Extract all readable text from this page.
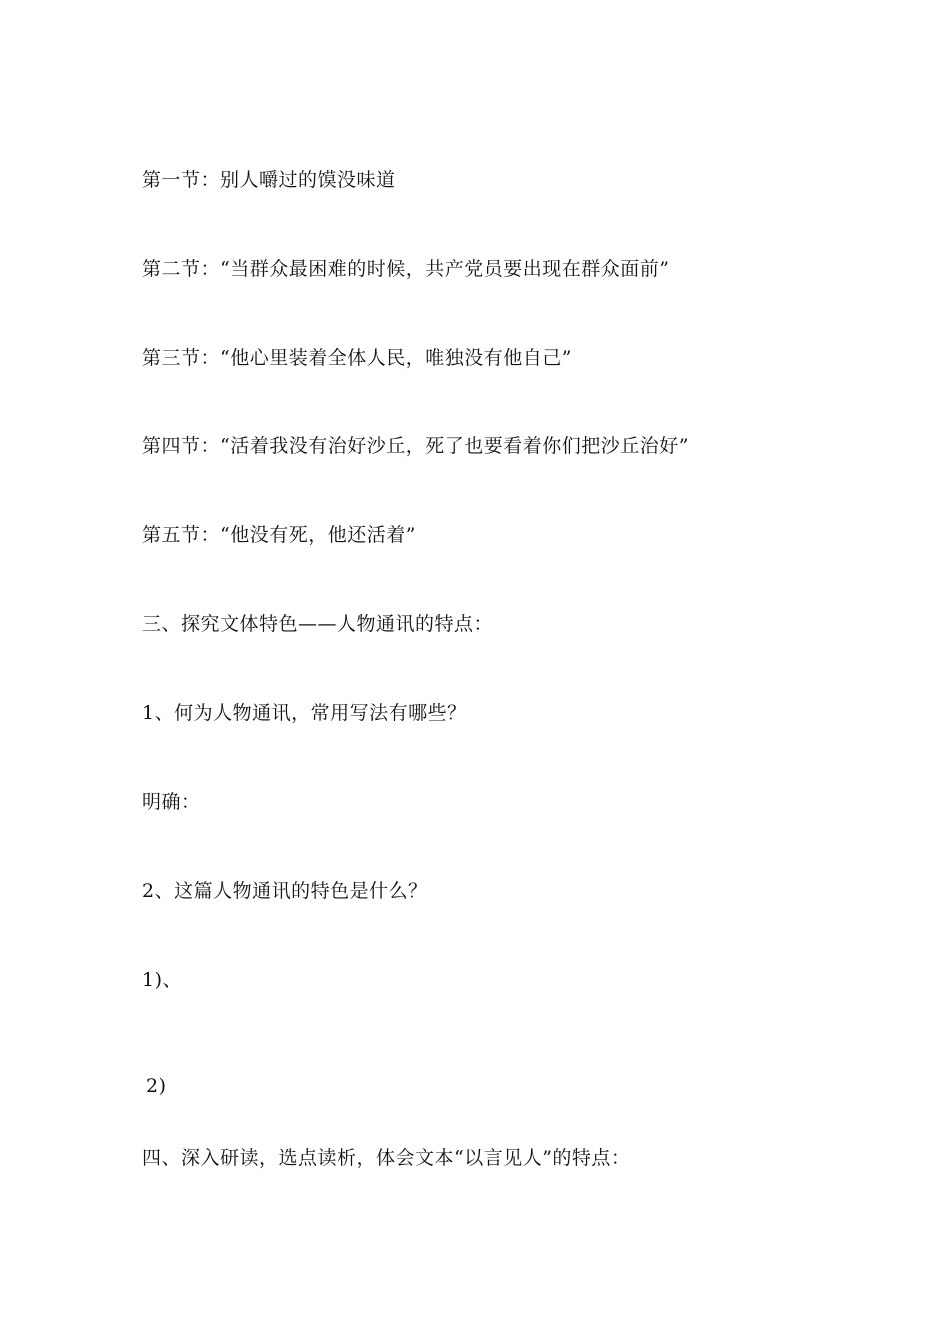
第一节：别人嚼过的馍没味道
第二节：“当群众最困难的时候，共产党员要出现在群众面前”
第三节：“他心里装着全体人民，唯独没有他自己”
第四节：“活着我没有治好沙丘，死了也要看着你们把沙丘治好”
第五节：“他没有死，他还活着”
三、探究文体特色——人物通讯的特点：
1、何为人物通讯，常用写法有哪些？
明确：
2、这篇人物通讯的特色是什么？
1)、
2)
四、深入研读，选点读析，体会文本“以言见人”的特点：
